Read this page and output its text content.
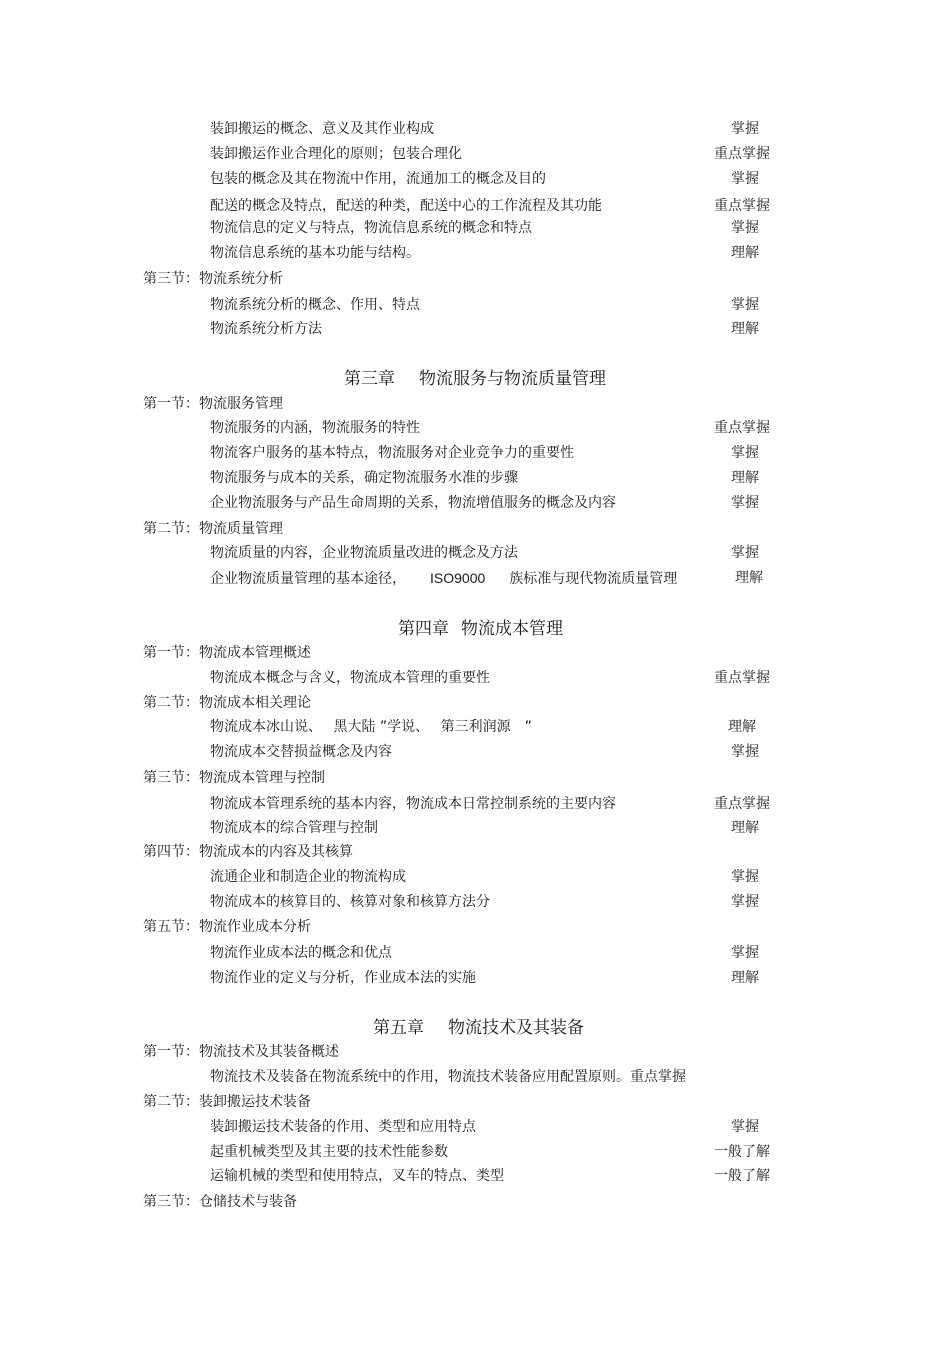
装卸搬运的概念、意义及其作业构成	掌握
装卸搬运作业合理化的原则；包装合理化	重点掌握
包装的概念及其在物流中作用，流通加工的概念及目的	掌握
配送的概念及特点，配送的种类，配送中心的工作流程及其功能	重点掌握
物流信息的定义与特点，物流信息系统的概念和特点	掌握
物流信息系统的基本功能与结构。	理解
第三节：物流系统分析
物流系统分析的概念、作用、特点	掌握
物流系统分析方法	理解
第三章 物流服务与物流质量管理
第一节：物流服务管理
物流服务的内涵，物流服务的特性	重点掌握
物流客户服务的基本特点，物流服务对企业竞争力的重要性	掌握
物流服务与成本的关系，确定物流服务水准的步骤	理解
企业物流服务与产品生命周期的关系，物流增值服务的概念及内容	掌握
第二节：物流质量管理
物流质量的内容，企业物流质量改进的概念及方法	掌握
企业物流质量管理的基本途径， ISO9000 族标准与现代物流质量管理	理解
第四章 物流成本管理
第一节：物流成本管理概述
物流成本概念与含义，物流成本管理的重要性	重点掌握
第二节：物流成本相关理论
物流成本冰山说、　 黑大陆 ”学说、　 第三利润源　”	理解
物流成本交替损益概念及内容	掌握
第三节：物流成本管理与控制
物流成本管理系统的基本内容，物流成本日常控制系统的主要内容	重点掌握
物流成本的综合管理与控制	理解
第四节：物流成本的内容及其核算
流通企业和制造企业的物流构成	掌握
物流成本的核算目的、核算对象和核算方法分	掌握
第五节：物流作业成本分析
物流作业成本法的概念和优点	掌握
物流作业的定义与分析，作业成本法的实施	理解
第五章 物流技术及其装备
第一节：物流技术及其装备概述
物流技术及装备在物流系统中的作用，物流技术装备应用配置原则。重点掌握
第二节：装卸搬运技术装备
装卸搬运技术装备的作用、类型和应用特点	掌握
起重机械类型及其主要的技术性能参数	一般了解
运输机械的类型和使用特点，叉车的特点、类型	一般了解
第三节：仓储技术与装备
